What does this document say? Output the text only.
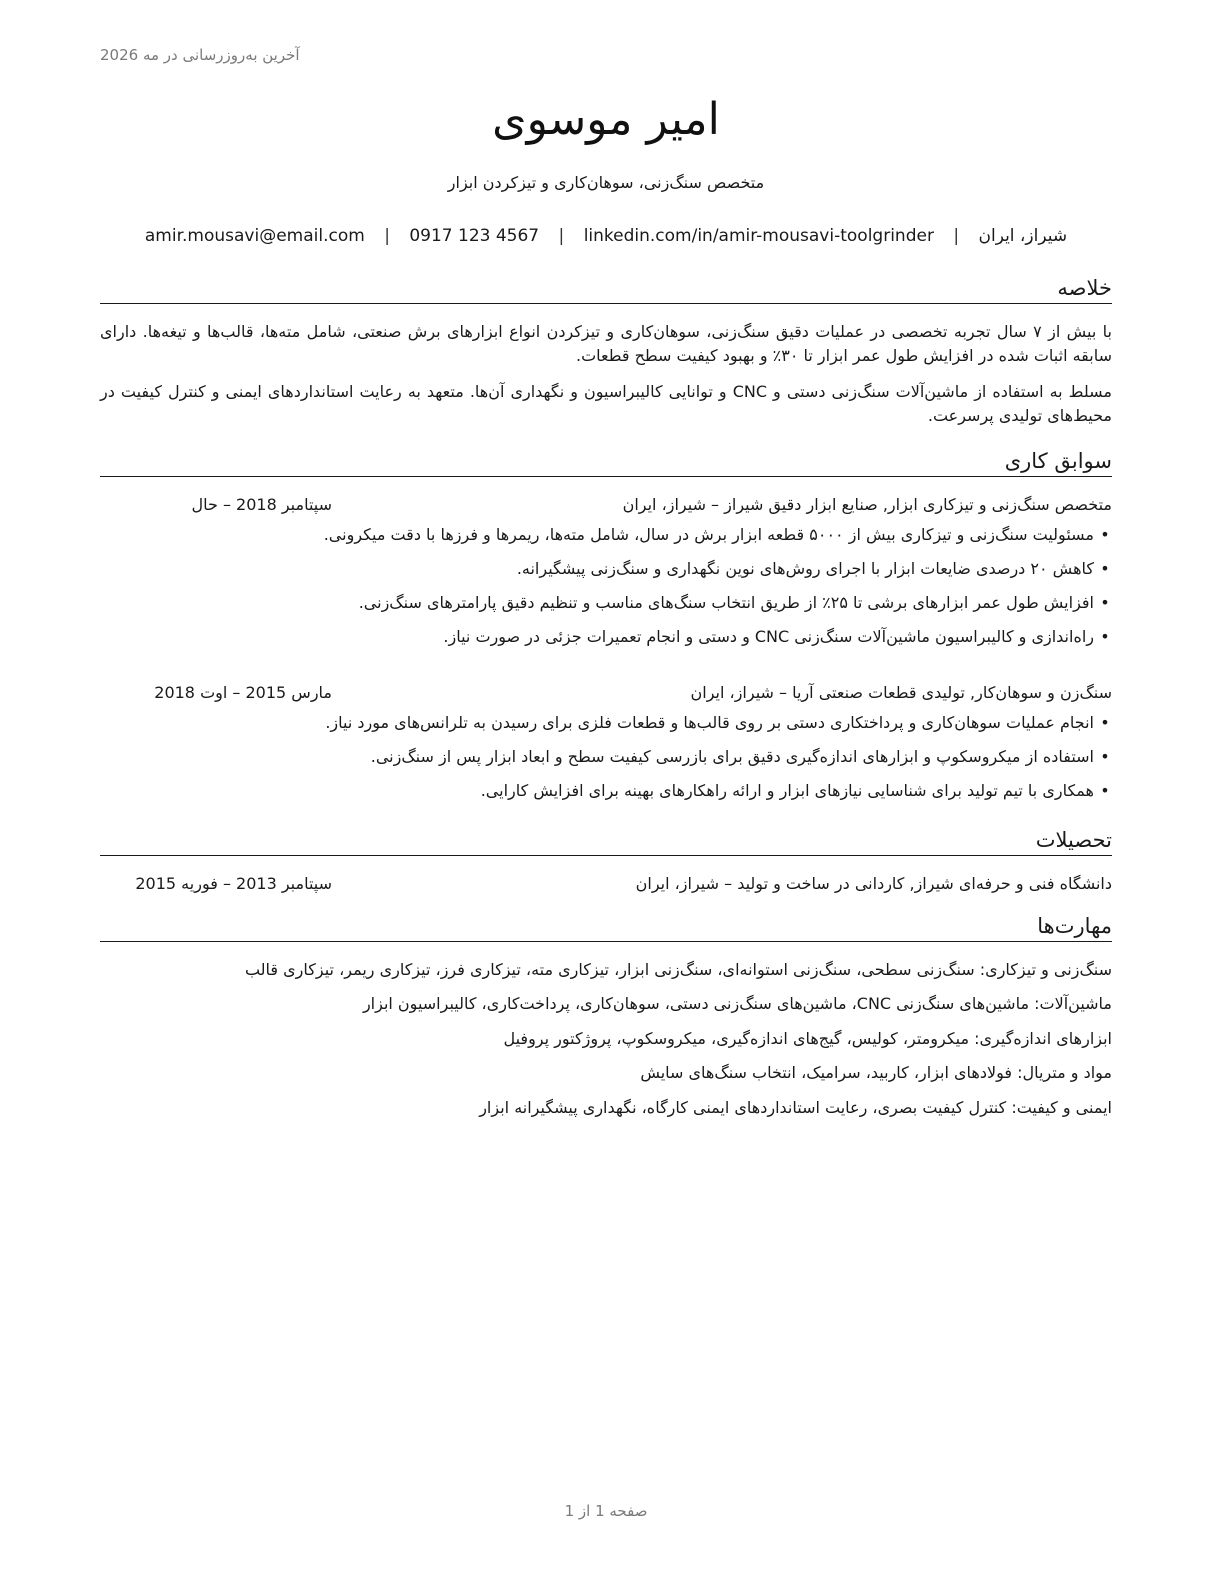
آخرین به‌روزرسانی در مه 2026
امیر موسوی
متخصص سنگ‌زنی، سوهان‌کاری و تیزکردن ابزار
شیراز، ایران | amir.mousavi@email.com | 0917 123 4567 | linkedin.com/in/amir-mousavi-toolgrinder
خلاصه
با بیش از ۷ سال تجربه تخصصی در عملیات دقیق سنگ‌زنی، سوهان‌کاری و تیزکردن انواع ابزارهای برش صنعتی، شامل مته‌ها، قالب‌ها و تیغه‌ها. دارای سابقه اثبات شده در افزایش طول عمر ابزار تا ۳۰٪ و بهبود کیفیت سطح قطعات.
مسلط به استفاده از ماشین‌آلات سنگ‌زنی دستی و CNC و توانایی کالیبراسیون و نگهداری آن‌ها. متعهد به رعایت استانداردهای ایمنی و کنترل کیفیت در محیط‌های تولیدی پرسرعت.
سوابق کاری
متخصص سنگ‌زنی و تیزکاری ابزار, صنایع ابزار دقیق شیراز – شیراز، ایران
سپتامبر 2018 – حال
•مسئولیت سنگ‌زنی و تیزکاری بیش از ۵۰۰۰ قطعه ابزار برش در سال، شامل مته‌ها، ریمرها و فرزها با دقت میکرونی.
•کاهش ۲۰ درصدی ضایعات ابزار با اجرای روش‌های نوین نگهداری و سنگ‌زنی پیشگیرانه.
•افزایش طول عمر ابزارهای برشی تا ۲۵٪ از طریق انتخاب سنگ‌های مناسب و تنظیم دقیق پارامترهای سنگ‌زنی.
•راه‌اندازی و کالیبراسیون ماشین‌آلات سنگ‌زنی CNC و دستی و انجام تعمیرات جزئی در صورت نیاز.
سنگ‌زن و سوهان‌کار, تولیدی قطعات صنعتی آریا – شیراز، ایران
مارس 2015 – اوت 2018
•انجام عملیات سوهان‌کاری و پرداختکاری دستی بر روی قالب‌ها و قطعات فلزی برای رسیدن به تلرانس‌های مورد نیاز.
•استفاده از میکروسکوپ و ابزارهای اندازه‌گیری دقیق برای بازرسی کیفیت سطح و ابعاد ابزار پس از سنگ‌زنی.
•همکاری با تیم تولید برای شناسایی نیازهای ابزار و ارائه راهکارهای بهینه برای افزایش کارایی.
تحصیلات
دانشگاه فنی و حرفه‌ای شیراز, کاردانی در ساخت و تولید – شیراز، ایران
سپتامبر 2013 – فوریه 2015
مهارت‌ها
سنگ‌زنی و تیزکاری: سنگ‌زنی سطحی، سنگ‌زنی استوانه‌ای، سنگ‌زنی ابزار، تیزکاری مته، تیزکاری فرز، تیزکاری ریمر، تیزکاری قالب
ماشین‌آلات: ماشین‌های سنگ‌زنی CNC، ماشین‌های سنگ‌زنی دستی، سوهان‌کاری، پرداخت‌کاری، کالیبراسیون ابزار
ابزارهای اندازه‌گیری: میکرومتر، کولیس، گیج‌های اندازه‌گیری، میکروسکوپ، پروژکتور پروفیل
مواد و متریال: فولادهای ابزار، کاربید، سرامیک، انتخاب سنگ‌های سایش
ایمنی و کیفیت: کنترل کیفیت بصری، رعایت استانداردهای ایمنی کارگاه، نگهداری پیشگیرانه ابزار
صفحه 1 از 1
